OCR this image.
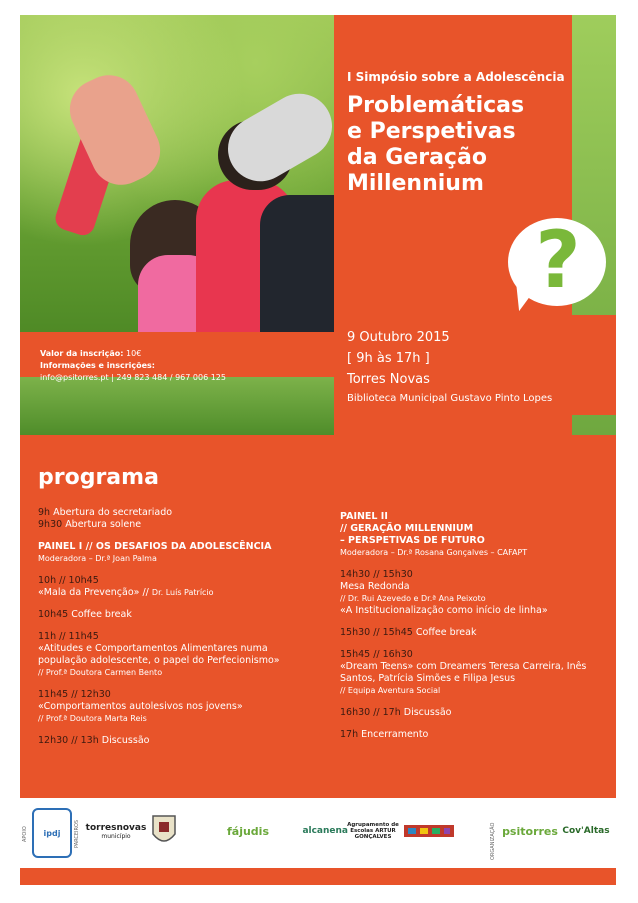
I Simpósio sobre a Adolescência
Problemáticas
e Perspetivas
da Geração
Millennium
?
Valor da inscrição: 10€
Informações e inscrições:
info@psitorres.pt | 249 823 484 / 967 006 125
9 Outubro 2015
[ 9h às 17h ]
Torres Novas
Biblioteca Municipal Gustavo Pinto Lopes
programa
9h Abertura do secretariado
9h30 Abertura solene
PAINEL I // OS DESAFIOS DA ADOLESCÊNCIA
Moderadora – Dr.ª Joan Palma
10h // 10h45
«Mala da Prevenção» // Dr. Luís Patrício
10h45 Coffee break
11h // 11h45
«Atitudes e Comportamentos Alimentares numa população adolescente, o papel do Perfecionismo»
// Prof.ª Doutora Carmen Bento
11h45 // 12h30
«Comportamentos autolesivos nos jovens»
// Prof.ª Doutora Marta Reis
12h30 // 13h Discussão
PAINEL II
// GERAÇÃO MILLENNIUM
– PERSPETIVAS DE FUTURO
Moderadora – Dr.ª Rosana Gonçalves – CAFAPT
14h30 // 15h30
Mesa Redonda
// Dr. Rui Azevedo e Dr.ª Ana Peixoto
«A Institucionalização como início de linha»
15h30 // 15h45 Coffee break
15h45 // 16h30
«Dream Teens» com Dreamers Teresa Carreira, Inês Santos, Patrícia Simões e Filipa Jesus
// Equipa Aventura Social
16h30 // 17h Discussão
17h Encerramento
APOIO	ipdj	PARCEIROS torresnovas
município	fájudis	alcanena
Agrupamento de Escolas ARTUR GONÇALVES	ORGANIZAÇÃO psitorres Cov'Altas
